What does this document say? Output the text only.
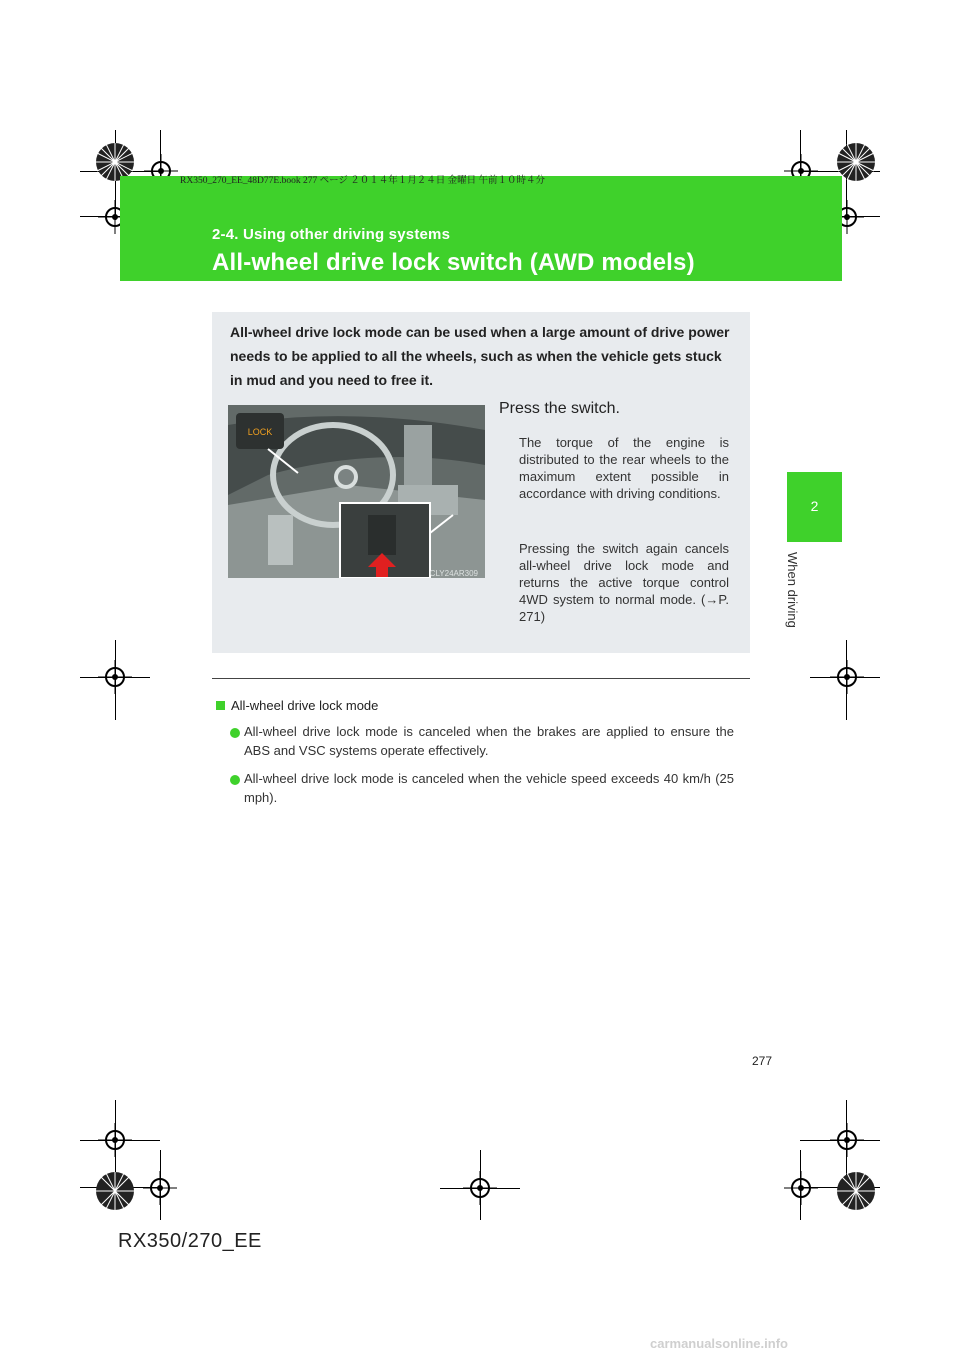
RX350_270_EE_48D77E.book 277 ページ ２０１４年１月２４日 金曜日 午前１０時４分
2-4. Using other driving systems
All-wheel drive lock switch (AWD models)
2
When driving
All-wheel drive lock mode can be used when a large amount of drive power needs to be applied to all the wheels, such as when the vehicle gets stuck in mud and you need to free it.
LOCK
CLY24AR309
Press the switch.
The torque of the engine is distributed to the rear wheels to the maximum extent possible in accordance with driving conditions.
Pressing the switch again cancels all-wheel drive lock mode and returns the active torque control 4WD system to normal mode. (→P. 271)
All-wheel drive lock mode
All-wheel drive lock mode is canceled when the brakes are applied to ensure the ABS and VSC systems operate effectively.
All-wheel drive lock mode is canceled when the vehicle speed exceeds 40 km/h (25 mph).
277
RX350/270_EE
carmanualsonline.info
